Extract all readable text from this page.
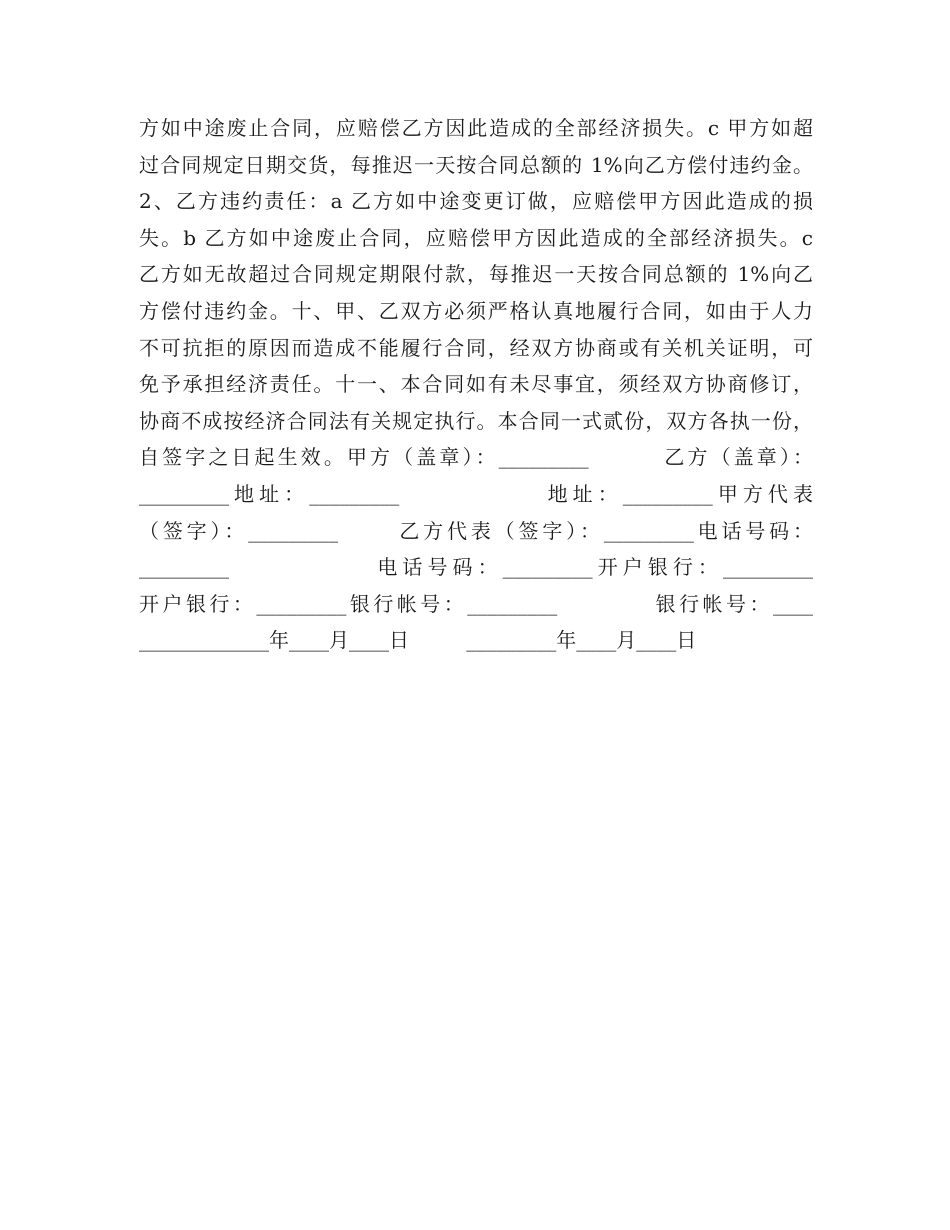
方如中途废止合同，应赔偿乙方因此造成的全部经济损失。c 甲方如超
过合同规定日期交货，每推迟一天按合同总额的 1%向乙方偿付违约金。
2、乙方违约责任：a 乙方如中途变更订做，应赔偿甲方因此造成的损
失。b 乙方如中途废止合同，应赔偿甲方因此造成的全部经济损失。c
乙方如无故超过合同规定期限付款，每推迟一天按合同总额的 1%向乙
方偿付违约金。十、甲、乙双方必须严格认真地履行合同，如由于人力
不可抗拒的原因而造成不能履行合同，经双方协商或有关机关证明，可
免予承担经济责任。十一、本合同如有未尽事宜，须经双方协商修订，
协商不成按经济合同法有关规定执行。本合同一式贰份，双方各执一份，
自签字之日起生效。甲方（盖章）：_________        乙方（盖章）：
_________地址：_________             地址：_________甲方代表
（签字）：_________      乙方代表（签字）：_________电话号码：
_________             电话号码：_________开户银行：_________
开户银行：_________银行帐号：_________          银行帐号：____
_____________年____月____日         _________年____月____日
